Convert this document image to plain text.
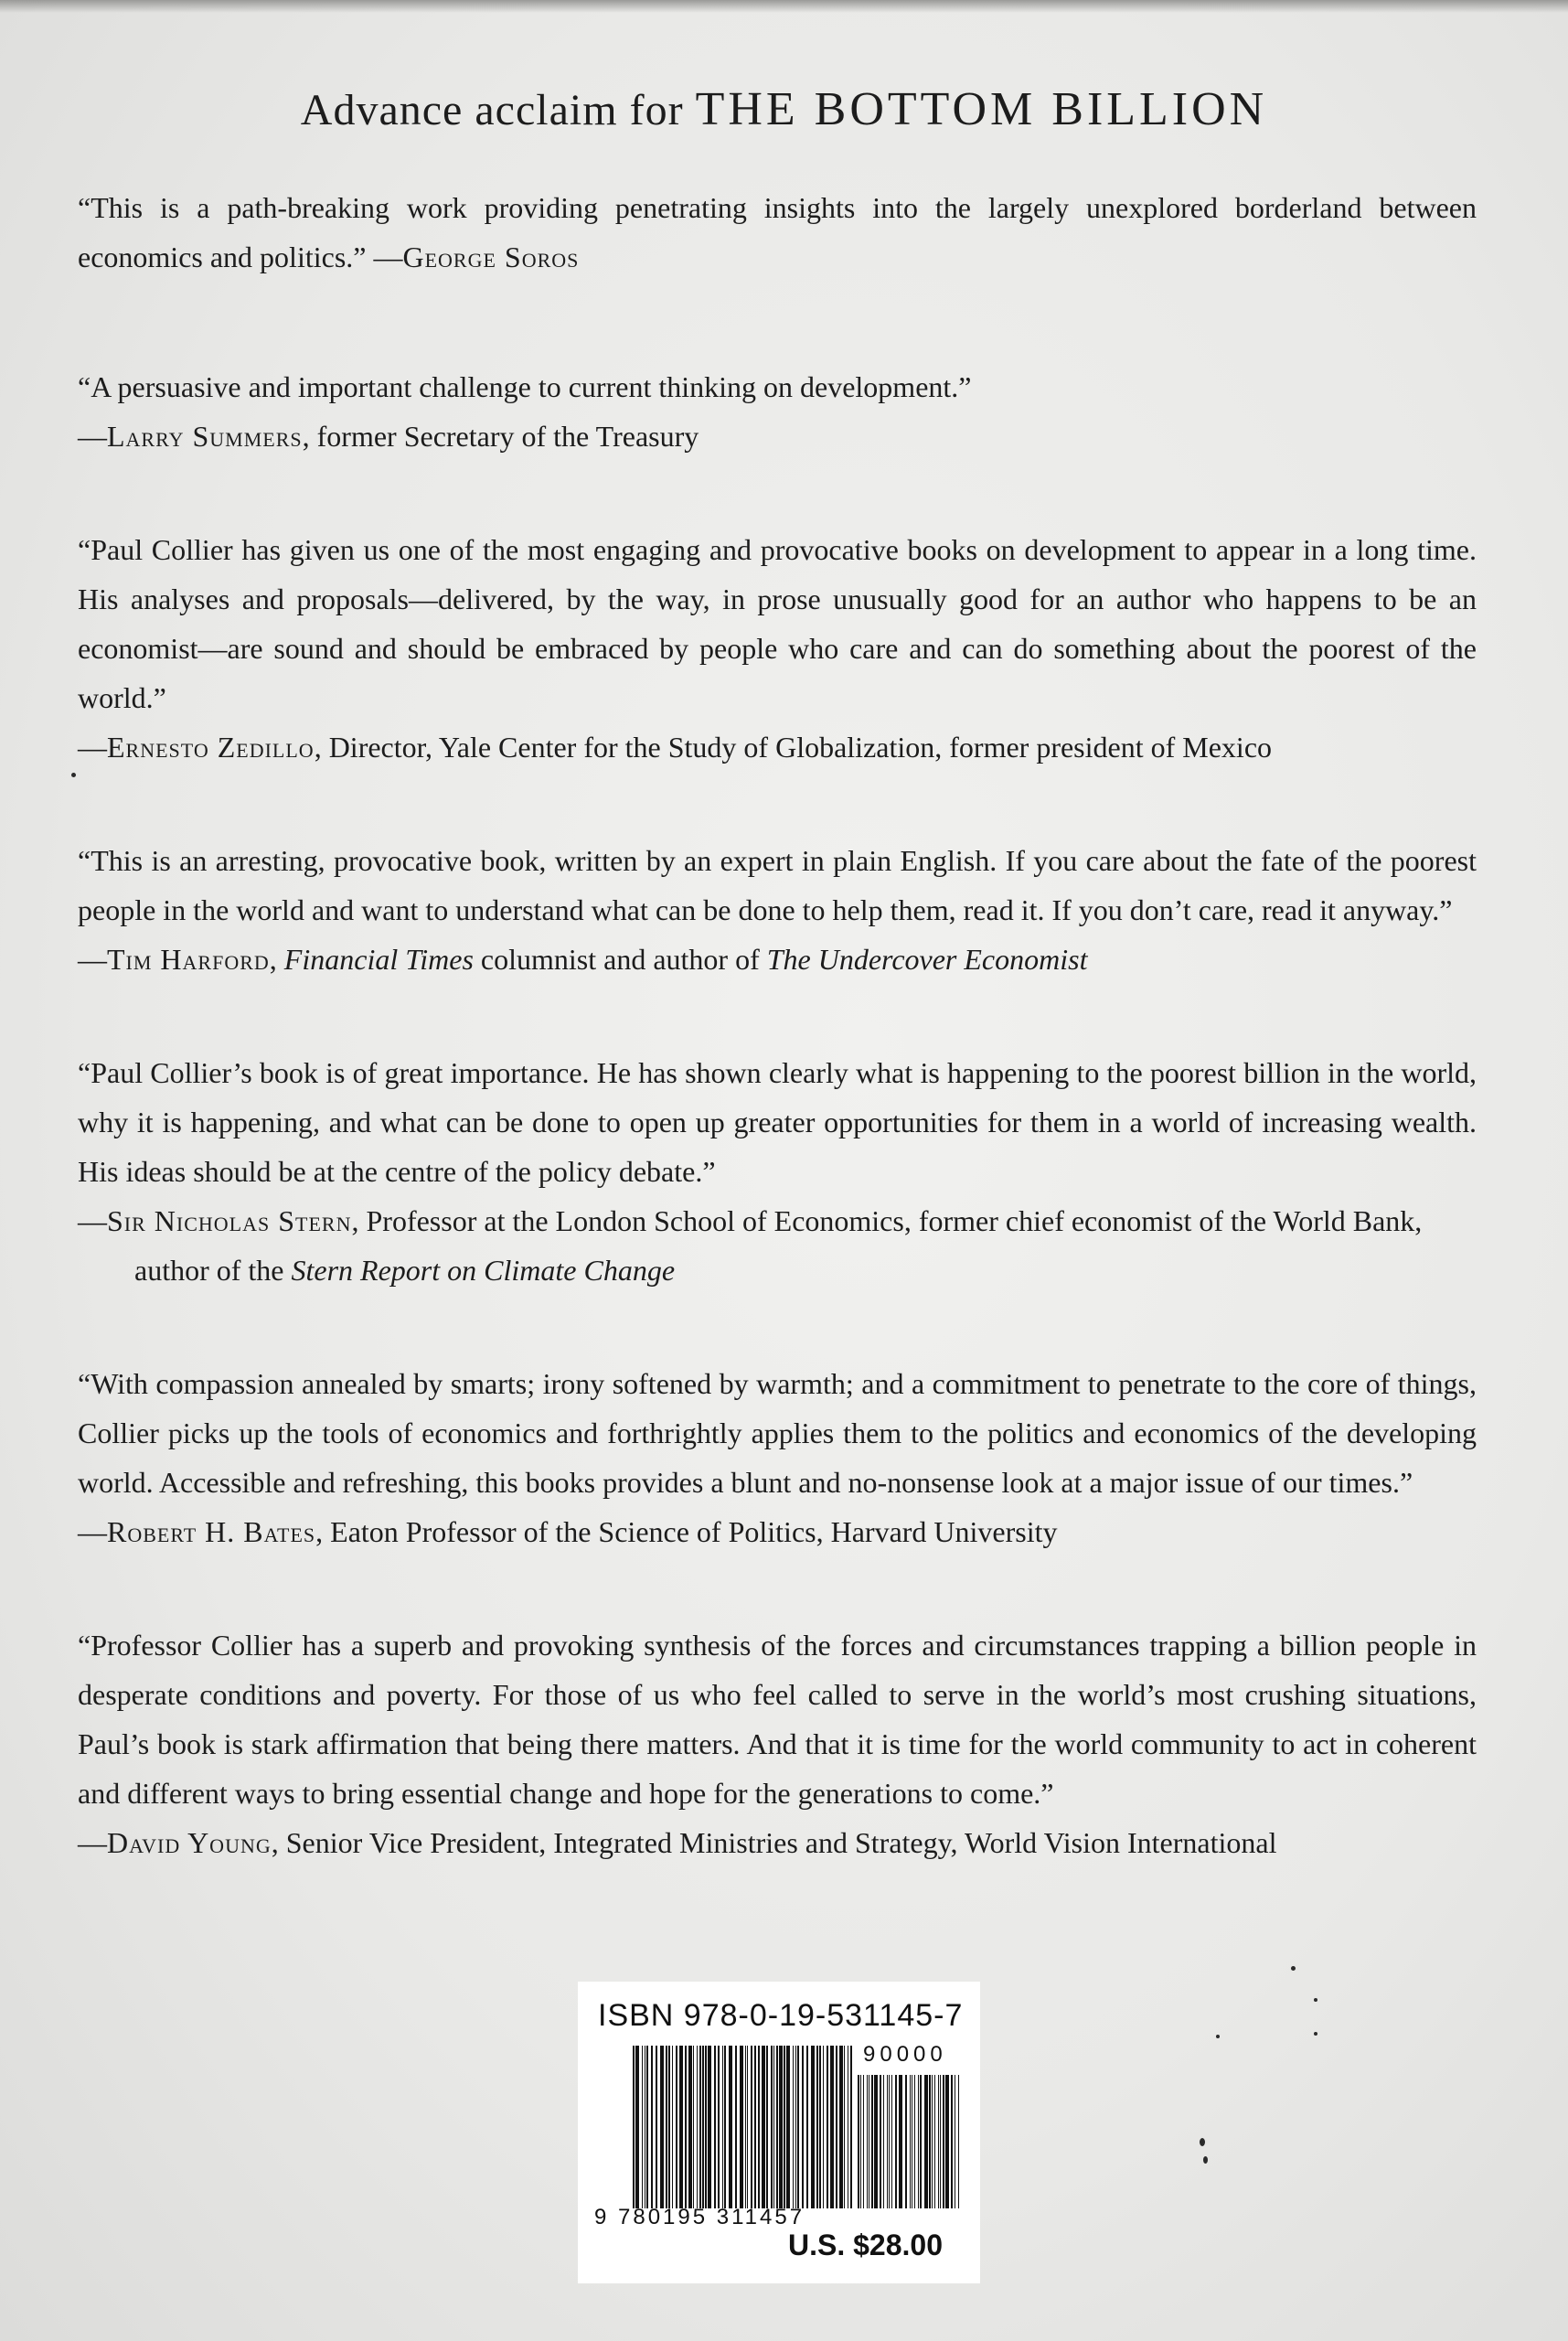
Advance acclaim for THE BOTTOM BILLION

“This is a path-breaking work providing penetrating insights into the largely unexplored borderland between economics and politics.” —George Soros

“A persuasive and important challenge to current thinking on development.”

—Larry Summers, former Secretary of the Treasury

“Paul Collier has given us one of the most engaging and provocative books on development to appear in a long time. His analyses and proposals—delivered, by the way, in prose unusually good for an author who happens to be an economist—are sound and should be embraced by people who care and can do something about the poorest of the world.”

—Ernesto Zedillo, Director, Yale Center for the Study of Globalization, former president of Mexico

“This is an arresting, provocative book, written by an expert in plain English. If you care about the fate of the poorest people in the world and want to understand what can be done to help them, read it. If you don’t care, read it anyway.”

—Tim Harford, Financial Times columnist and author of The Undercover Economist

“Paul Collier’s book is of great importance. He has shown clearly what is happening to the poorest billion in the world, why it is happening, and what can be done to open up greater opportunities for them in a world of increasing wealth. His ideas should be at the centre of the policy debate.”

—Sir Nicholas Stern, Professor at the London School of Economics, former chief economist of the World Bank, author of the Stern Report on Climate Change

“With compassion annealed by smarts; irony softened by warmth; and a commitment to penetrate to the core of things, Collier picks up the tools of economics and forthrightly applies them to the politics and economics of the developing world. Accessible and refreshing, this books provides a blunt and no-nonsense look at a major issue of our times.”

—Robert H. Bates, Eaton Professor of the Science of Politics, Harvard University

“Professor Collier has a superb and provoking synthesis of the forces and circumstances trapping a billion people in desperate conditions and poverty. For those of us who feel called to serve in the world’s most crushing situations, Paul’s book is stark affirmation that being there matters. And that it is time for the world community to act in coherent and different ways to bring essential change and hope for the generations to come.”

—David Young, Senior Vice President, Integrated Ministries and Strategy, World Vision International
ISBN 978-0-19-531145-7
90000
9 780195 311457
U.S. $28.00
